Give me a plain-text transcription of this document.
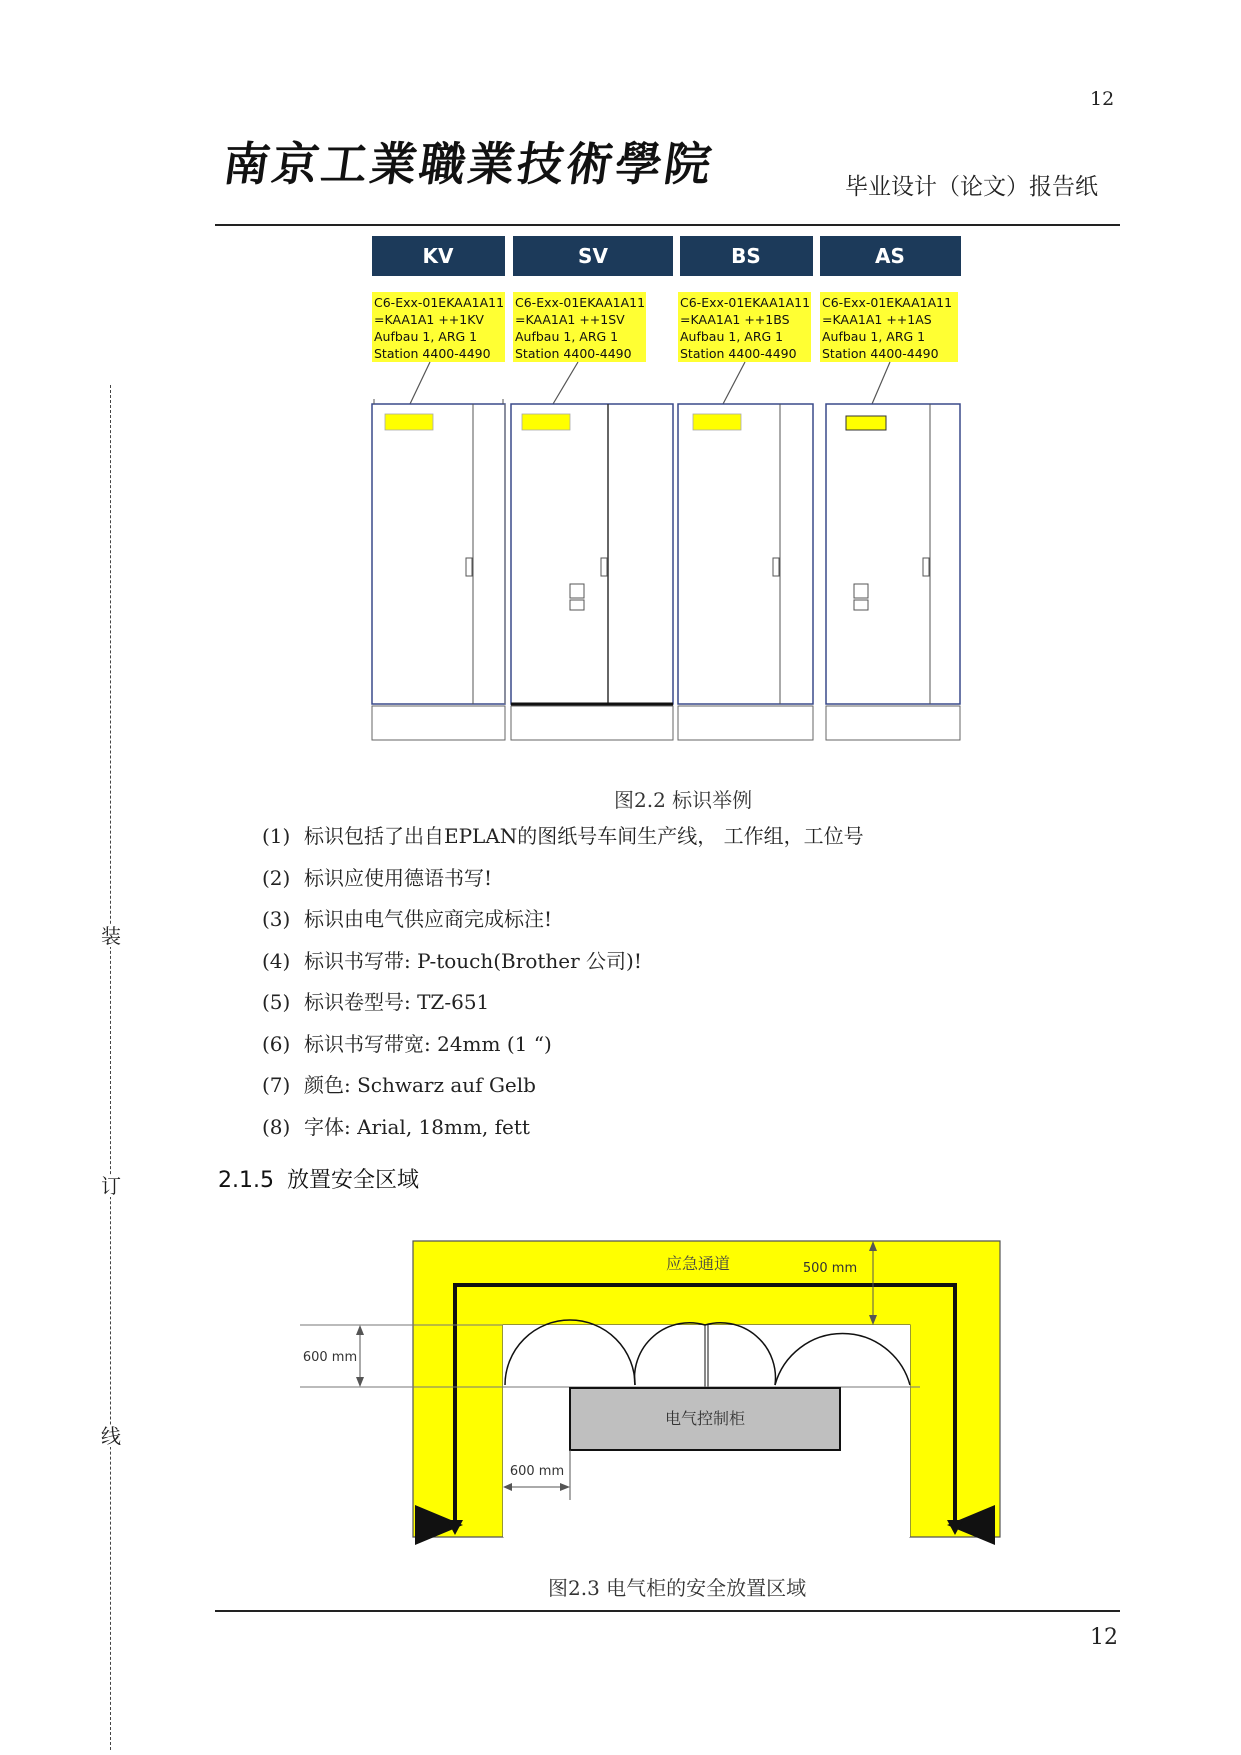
12
南京工業職業技術學院	毕业设计（论文）报告纸
装
订
线
KV	SV	BS	AS
C6-Exx-01EKAA1A11
=KAA1A1 ++1KV
Aufbau 1, ARG 1
Station 4400-4490
C6-Exx-01EKAA1A11
=KAA1A1 ++1SV
Aufbau 1, ARG 1
Station 4400-4490
C6-Exx-01EKAA1A11
=KAA1A1 ++1BS
Aufbau 1, ARG 1
Station 4400-4490
C6-Exx-01EKAA1A11
=KAA1A1 ++1AS
Aufbau 1, ARG 1
Station 4400-4490
图2.2 标识举例
(1) 标识包括了出自EPLAN的图纸号车间生产线， 工作组，工位号
(2) 标识应使用德语书写!
(3) 标识由电气供应商完成标注!
(4) 标识书写带: P-touch(Brother 公司)!
(5) 标识卷型号: TZ-651
(6) 标识书写带宽: 24mm (1 “)
(7) 颜色: Schwarz auf Gelb
(8) 字体: Arial, 18mm, fett
2.1.5 放置安全区域
应急通道	500 mm
600 mm
电气控制柜
600 mm
图2.3 电气柜的安全放置区域
12
